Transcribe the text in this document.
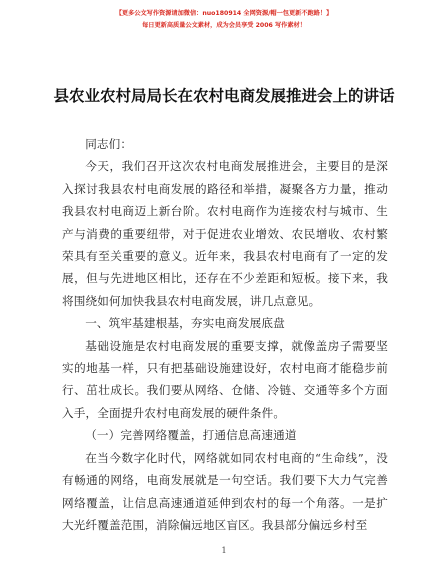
【更多公文写作资源请加微信：nuo180914 全网资源/帽一包更新不跑路！】
每日更新高质量公文素材，成为会员享受 2006 写作素材！
县农业农村局局长在农村电商发展推进会上的讲话

同志们：

今天，我们召开这次农村电商发展推进会，主要目的是深入探讨我县农村电商发展的路径和举措，凝聚各方力量，推动我县农村电商迈上新台阶。农村电商作为连接农村与城市、生产与消费的重要纽带，对于促进农业增效、农民增收、农村繁荣具有至关重要的意义。近年来，我县农村电商有了一定的发展，但与先进地区相比，还存在不少差距和短板。接下来，我将围绕如何加快我县农村电商发展，讲几点意见。

一、筑牢基建根基，夯实电商发展底盘

基础设施是农村电商发展的重要支撑，就像盖房子需要坚实的地基一样，只有把基础设施建设好，农村电商才能稳步前行、茁壮成长。我们要从网络、仓储、冷链、交通等多个方面入手，全面提升农村电商发展的硬件条件。

（一）完善网络覆盖，打通信息高速通道

在当今数字化时代，网络就如同农村电商的“生命线”，没有畅通的网络，电商发展就是一句空话。我们要下大力气完善网络覆盖，让信息高速通道延伸到农村的每一个角落。一是扩大光纤覆盖范围，消除偏远地区盲区。我县部分偏远乡村至

1
